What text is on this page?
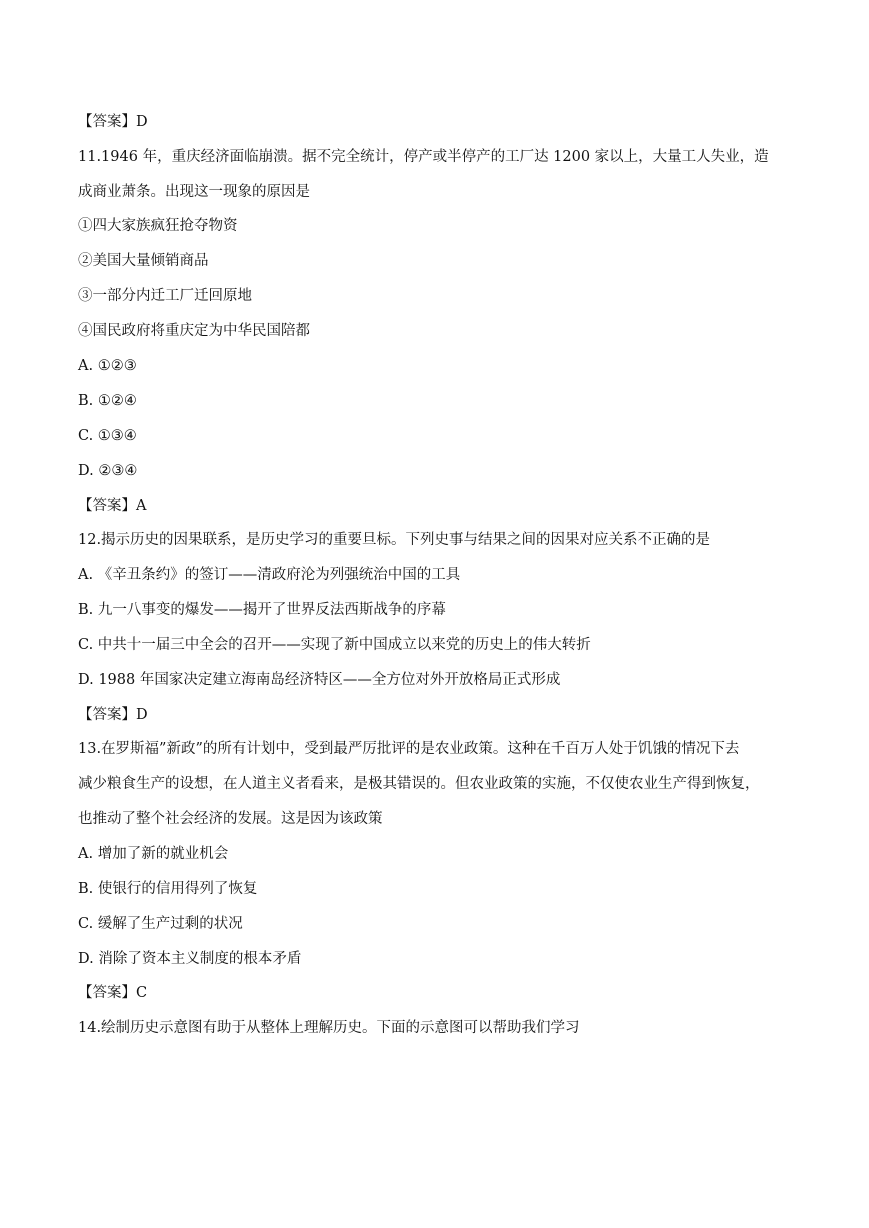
【答案】D
11.1946 年，重庆经济面临崩溃。据不完全统计，停产或半停产的工厂达 1200 家以上，大量工人失业，造
成商业萧条。出现这一现象的原因是
①四大家族疯狂抢夺物资
②美国大量倾销商品
③一部分内迁工厂迁回原地
④国民政府将重庆定为中华民国陪都
A. ①②③
B. ①②④
C. ①③④
D. ②③④
【答案】A
12.揭示历史的因果联系，是历史学习的重要旦标。下列史事与结果之间的因果对应关系不正确的是
A. 《辛丑条约》的签订——清政府沦为列强统治中国的工具
B. 九一八事变的爆发——揭开了世界反法西斯战争的序幕
C. 中共十一届三中全会的召开——实现了新中国成立以来党的历史上的伟大转折
D. 1988 年国家决定建立海南岛经济特区——全方位对外开放格局正式形成
【答案】D
13.在罗斯福”新政”的所有计划中，受到最严厉批评的是农业政策。这种在千百万人处于饥饿的情况下去
减少粮食生产的设想，在人道主义者看来，是极其错误的。但农业政策的实施，不仅使农业生产得到恢复，
也推动了整个社会经济的发展。这是因为该政策
A. 增加了新的就业机会
B. 使银行的信用得列了恢复
C. 缓解了生产过剩的状况
D. 消除了资本主义制度的根本矛盾
【答案】C
14.绘制历史示意图有助于从整体上理解历史。下面的示意图可以帮助我们学习
